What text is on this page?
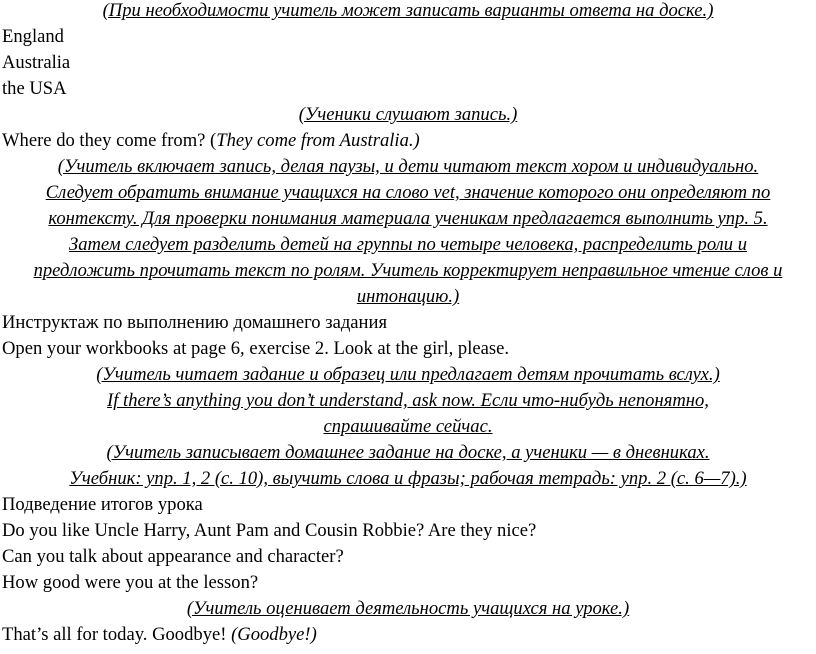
(При необходимости учитель может записать варианты ответа на доске.)
England
Australia
the USA
(Ученики слушают запись.)
Where do they come from? (They come from Australia.)
(Учитель включает запись, делая паузы, и дети читают текст хором и индивидуально.
Следует обратить внимание учащихся на слово vet, значение которого они определяют по
контексту. Для проверки понимания материала ученикам предлагается выполнить упр. 5.
Затем следует разделить детей на группы по четыре человека, распределить роли и
предложить прочитать текст по ролям. Учитель корректирует неправильное чтение слов и
интонацию.)
Инструктаж по выполнению домашнего задания
Open your workbooks at page 6, exercise 2. Look at the girl, please.
(Учитель читает задание и образец или предлагает детям прочитать вслух.)
If there’s anything you don’t understand, ask now. Если что-нибудь непонятно,
спрашивайте сейчас.
(Учитель записывает домашнее задание на доске, а ученики — в дневниках.
Учебник: упр. 1, 2 (с. 10), выучить слова и фразы; рабочая тетрадь: упр. 2 (с. 6—7).)
Подведение итогов урока
Do you like Uncle Harry, Aunt Pam and Cousin Robbie? Are they nice?
Can you talk about appearance and character?
How good were you at the lesson?
(Учитель оценивает деятельность учащихся на уроке.)
That’s all for today. Goodbye! (Goodbye!)
